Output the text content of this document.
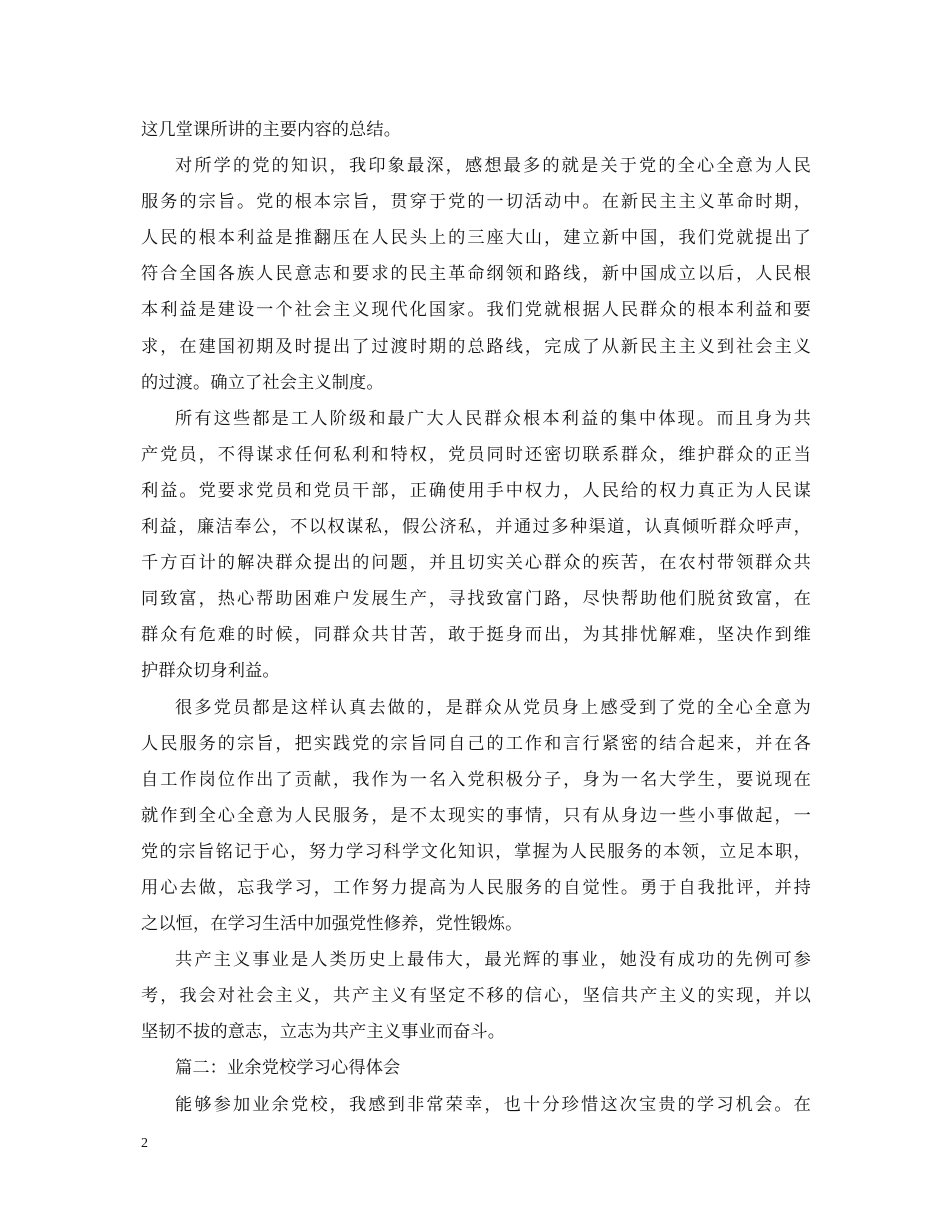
这几堂课所讲的主要内容的总结。
对所学的党的知识，我印象最深，感想最多的就是关于党的全心全意为人民
服务的宗旨。党的根本宗旨，贯穿于党的一切活动中。在新民主主义革命时期，
人民的根本利益是推翻压在人民头上的三座大山，建立新中国，我们党就提出了
符合全国各族人民意志和要求的民主革命纲领和路线，新中国成立以后，人民根
本利益是建设一个社会主义现代化国家。我们党就根据人民群众的根本利益和要
求，在建国初期及时提出了过渡时期的总路线，完成了从新民主主义到社会主义
的过渡。确立了社会主义制度。
所有这些都是工人阶级和最广大人民群众根本利益的集中体现。而且身为共
产党员，不得谋求任何私利和特权，党员同时还密切联系群众，维护群众的正当
利益。党要求党员和党员干部，正确使用手中权力，人民给的权力真正为人民谋
利益，廉洁奉公，不以权谋私，假公济私，并通过多种渠道，认真倾听群众呼声，
千方百计的解决群众提出的问题，并且切实关心群众的疾苦，在农村带领群众共
同致富，热心帮助困难户发展生产，寻找致富门路，尽快帮助他们脱贫致富，在
群众有危难的时候，同群众共甘苦，敢于挺身而出，为其排忧解难，坚决作到维
护群众切身利益。
很多党员都是这样认真去做的，是群众从党员身上感受到了党的全心全意为
人民服务的宗旨，把实践党的宗旨同自己的工作和言行紧密的结合起来，并在各
自工作岗位作出了贡献，我作为一名入党积极分子，身为一名大学生，要说现在
就作到全心全意为人民服务，是不太现实的事情，只有从身边一些小事做起，一
党的宗旨铭记于心，努力学习科学文化知识，掌握为人民服务的本领，立足本职，
用心去做，忘我学习，工作努力提高为人民服务的自觉性。勇于自我批评，并持
之以恒，在学习生活中加强党性修养，党性锻炼。
共产主义事业是人类历史上最伟大，最光辉的事业，她没有成功的先例可参
考，我会对社会主义，共产主义有坚定不移的信心，坚信共产主义的实现，并以
坚韧不拔的意志，立志为共产主义事业而奋斗。
篇二：业余党校学习心得体会
能够参加业余党校，我感到非常荣幸，也十分珍惜这次宝贵的学习机会。在
2
